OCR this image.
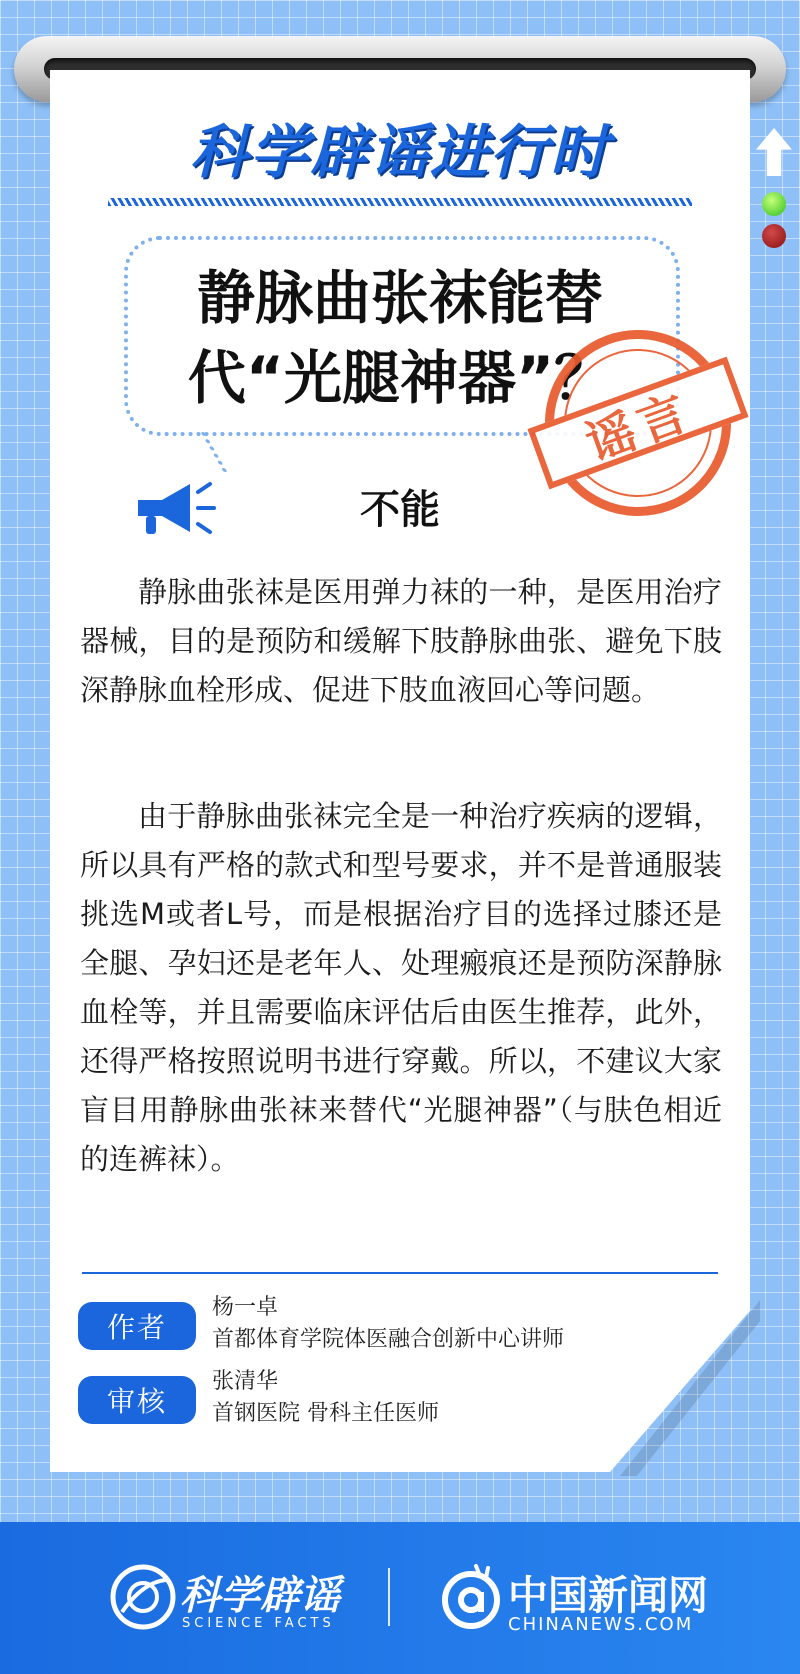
科学辟谣进行时
静脉曲张袜能替
代“光腿神器”？
谣言
不能

静脉曲张袜是医用弹力袜的一种，是医用治疗器械，目的是预防和缓解下肢静脉曲张、避免下肢深静脉血栓形成、促进下肢血液回心等问题。

由于静脉曲张袜完全是一种治疗疾病的逻辑，所以具有严格的款式和型号要求，并不是普通服装挑选M或者L号，而是根据治疗目的选择过膝还是全腿、孕妇还是老年人、处理瘢痕还是预防深静脉血栓等，并且需要临床评估后由医生推荐，此外，还得严格按照说明书进行穿戴。所以，不建议大家盲目用静脉曲张袜来替代“光腿神器”（与肤色相近的连裤袜）。

作者
杨一卓
首都体育学院体医融合创新中心讲师
审核
张清华
首钢医院 骨科主任医师
科学辟谣
SCIENCE FACTS
中国新闻网
CHINANEWS.COM
